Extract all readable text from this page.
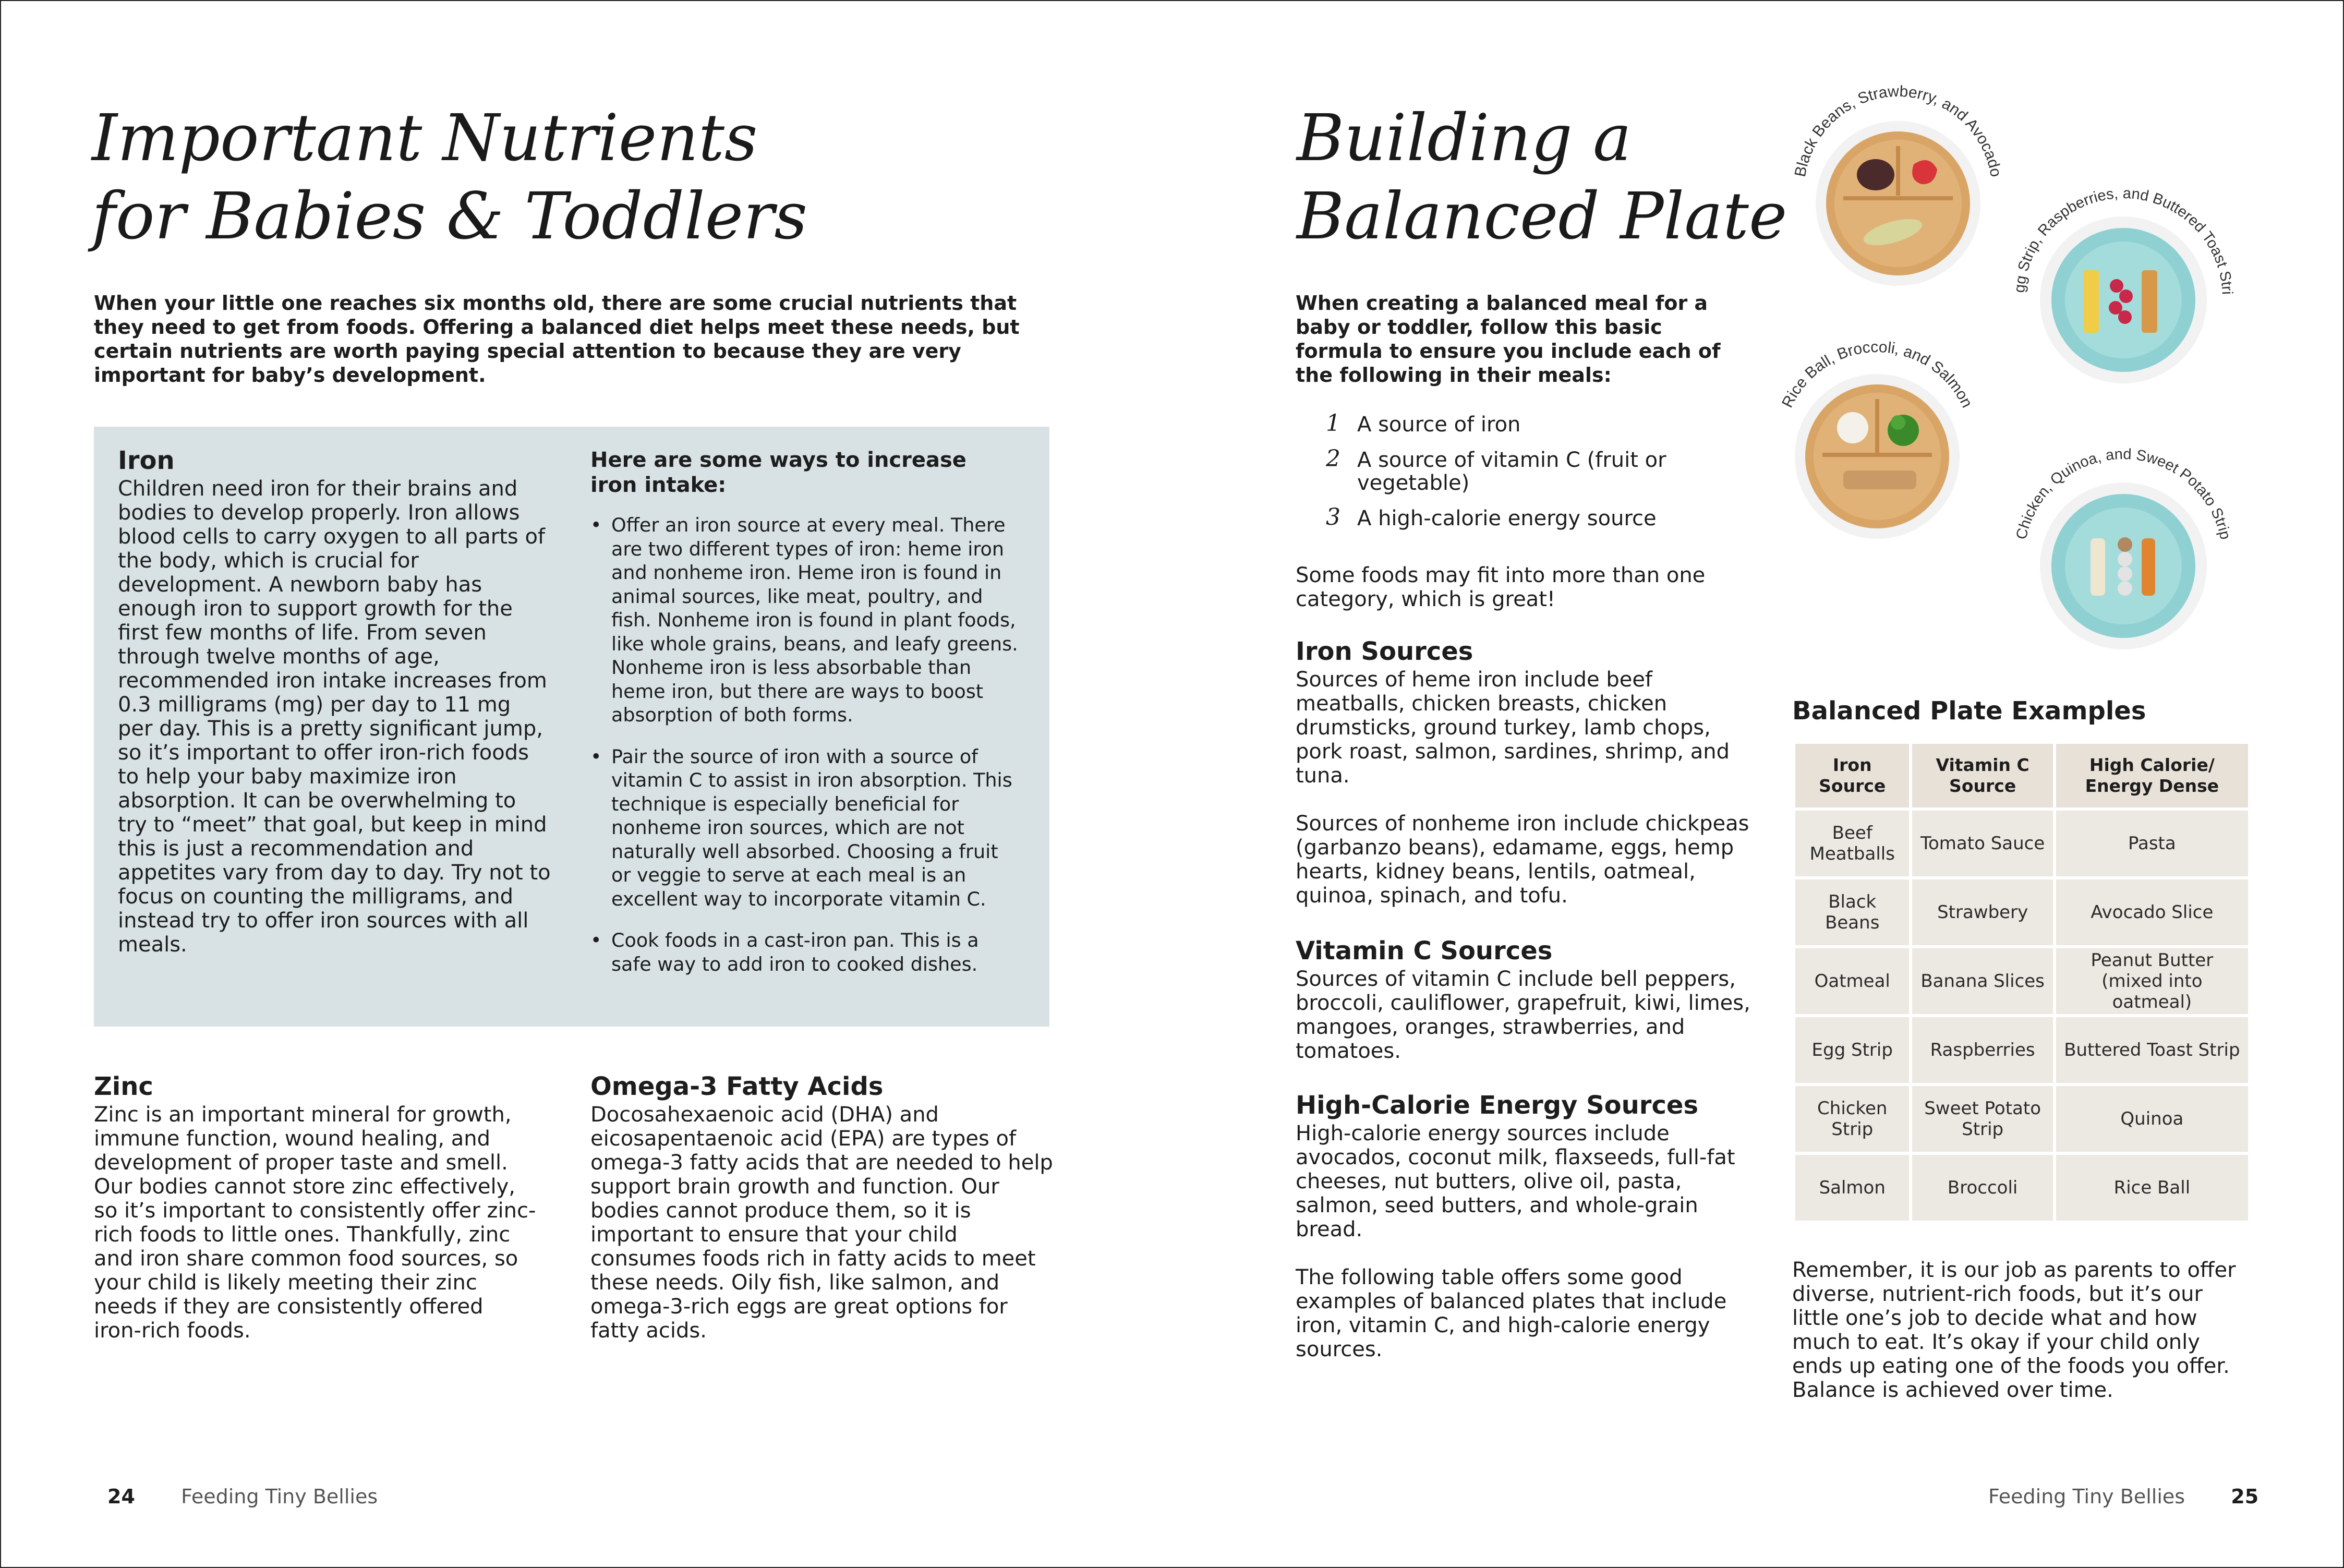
Important Nutrients
for Babies & Toddlers

When your little one reaches six months old, there are some crucial nutrients that they need to get from foods. Offering a balanced diet helps meet these needs, but certain nutrients are worth paying special attention to because they are very important for baby’s development.

Iron

Children need iron for their brains and bodies to develop properly. Iron allows blood cells to carry oxygen to all parts of the body, which is crucial for development. A newborn baby has enough iron to support growth for the first few months of life. From seven through twelve months of age, recommended iron intake increases from 0.3 milligrams (mg) per day to 11 mg per day. This is a pretty significant jump, so it’s important to offer iron-rich foods to help your baby maximize iron absorption. It can be overwhelming to try to “meet” that goal, but keep in mind this is just a recommendation and appetites vary from day to day. Try not to focus on counting the milligrams, and instead try to offer iron sources with all meals.

Here are some ways to increase iron intake:

• Offer an iron source at every meal. There are two different types of iron: heme iron and nonheme iron. Heme iron is found in animal sources, like meat, poultry, and fish. Nonheme iron is found in plant foods, like whole grains, beans, and leafy greens. Nonheme iron is less absorbable than heme iron, but there are ways to boost absorption of both forms.
• Pair the source of iron with a source of vitamin C to assist in iron absorption. This technique is especially beneficial for nonheme iron sources, which are not naturally well absorbed. Choosing a fruit or veggie to serve at each meal is an excellent way to incorporate vitamin C.
• Cook foods in a cast-iron pan. This is a safe way to add iron to cooked dishes.
Zinc

Zinc is an important mineral for growth, immune function, wound healing, and development of proper taste and smell. Our bodies cannot store zinc effectively, so it’s important to consistently offer zinc-rich foods to little ones. Thankfully, zinc and iron share common food sources, so your child is likely meeting their zinc needs if they are consistently offered iron-rich foods.

Omega-3 Fatty Acids

Docosahexaenoic acid (DHA) and eicosapentaenoic acid (EPA) are types of omega-3 fatty acids that are needed to help support brain growth and function. Our bodies cannot produce them, so it is important to ensure that your child consumes foods rich in fatty acids to meet these needs. Oily fish, like salmon, and omega-3-rich eggs are great options for fatty acids.

24 Feeding Tiny Bellies

Building a
Balanced Plate

When creating a balanced meal for a baby or toddler, follow this basic formula to ensure you include each of the following in their meals:

1 A source of iron
2 A source of vitamin C (fruit or vegetable)
3 A high-calorie energy source

Some foods may fit into more than one category, which is great!

Iron Sources

Sources of heme iron include beef meatballs, chicken breasts, chicken drumsticks, ground turkey, lamb chops, pork roast, salmon, sardines, shrimp, and tuna.

Sources of nonheme iron include chickpeas (garbanzo beans), edamame, eggs, hemp hearts, kidney beans, lentils, oatmeal, quinoa, spinach, and tofu.

Vitamin C Sources

Sources of vitamin C include bell peppers, broccoli, cauliflower, grapefruit, kiwi, limes, mangoes, oranges, strawberries, and tomatoes.

High-Calorie Energy Sources

High-calorie energy sources include avocados, coconut milk, flaxseeds, full-fat cheeses, nut butters, olive oil, pasta, salmon, seed butters, and whole-grain bread.

The following table offers some good examples of balanced plates that include iron, vitamin C, and high-calorie energy sources.

Black Beans, Strawberry, and Avocado
Egg Strip, Raspberries, and Buttered Toast Strip
Rice Ball, Broccoli, and Salmon
Chicken, Quinoa, and Sweet Potato Strip
Balanced Plate Examples
Iron Source	Vitamin C Source	High Calorie/ Energy Dense
Beef Meatballs	Tomato Sauce	Pasta
Black Beans	Strawbery	Avocado Slice
Oatmeal	Banana Slices	Peanut Butter (mixed into oatmeal)
Egg Strip	Raspberries	Buttered Toast Strip
Chicken Strip	Sweet Potato Strip	Quinoa
Salmon	Broccoli	Rice Ball

Remember, it is our job as parents to offer diverse, nutrient-rich foods, but it’s our little one’s job to decide what and how much to eat. It’s okay if your child only ends up eating one of the foods you offer. Balance is achieved over time.

Feeding Tiny Bellies 25
